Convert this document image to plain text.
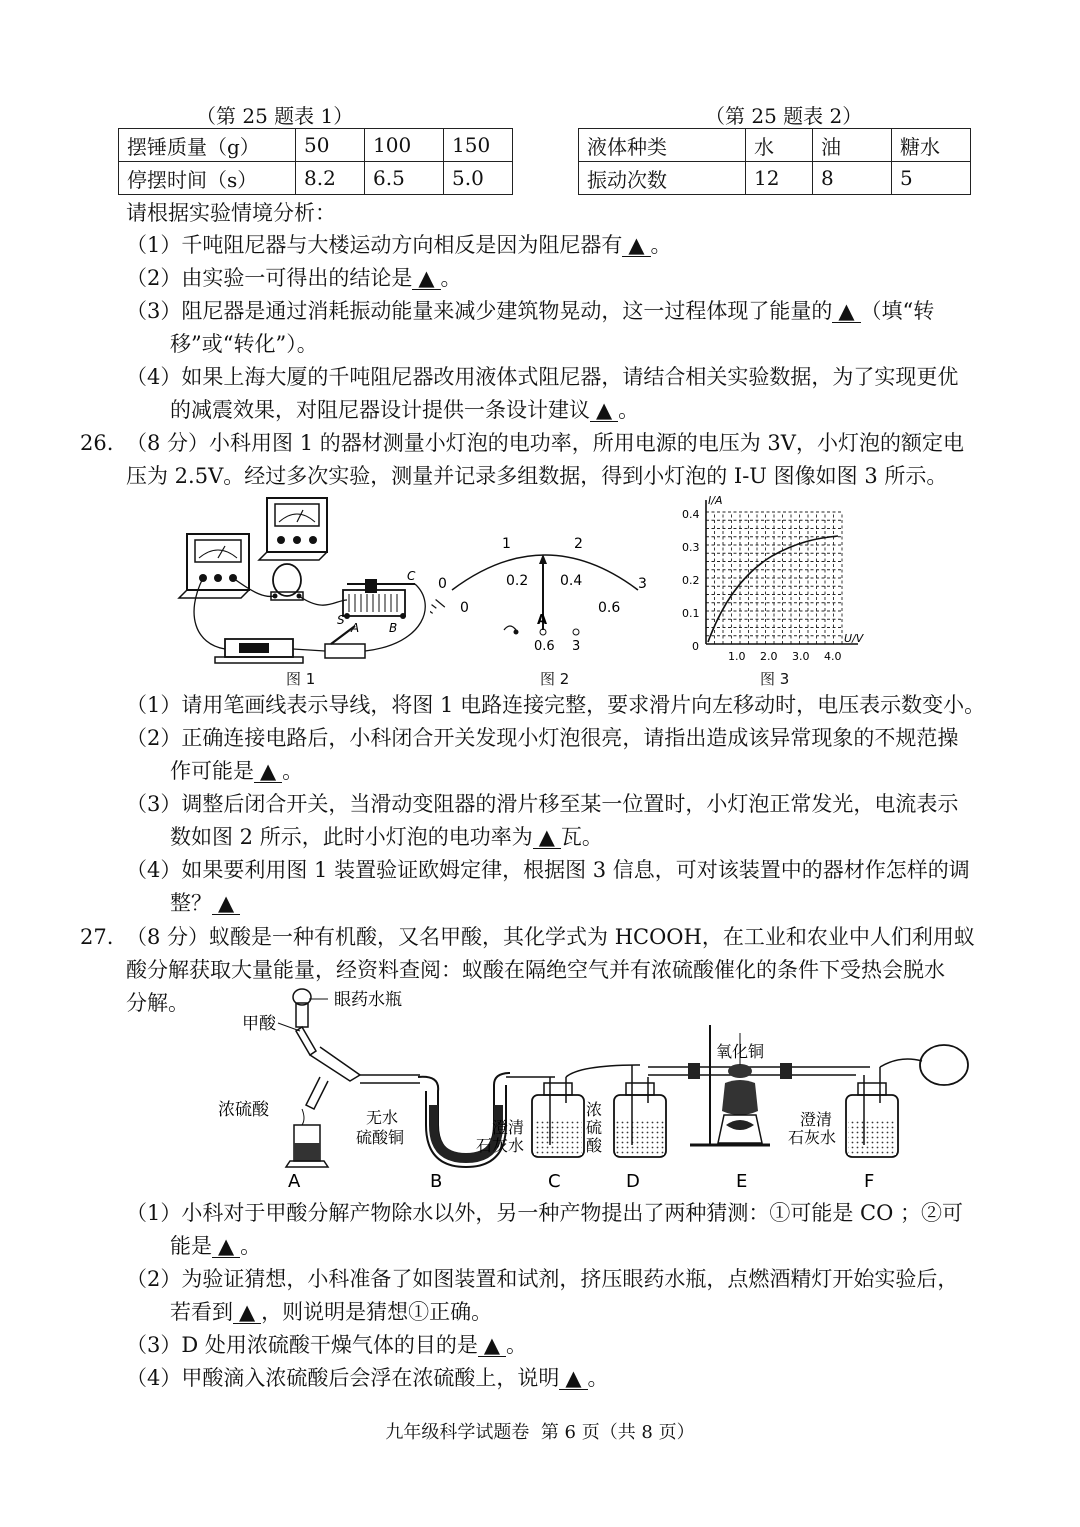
（第 25 题表 1）
摆锤质量（g）	50	100	150
停摆时间（s）	8.2	6.5	5.0
（第 25 题表 2）
液体种类	水	油	糖水
振动次数	12	8	5
请根据实验情境分析：
（1）千吨阻尼器与大楼运动方向相反是因为阻尼器有 ▲ 。
（2）由实验一可得出的结论是 ▲ 。
（3）阻尼器是通过消耗振动能量来减少建筑物晃动，这一过程体现了能量的 ▲ （填“转
移”或“转化”）。
（4）如果上海大厦的千吨阻尼器改用液体式阻尼器，请结合相关实验数据，为了实现更优
的减震效果，对阻尼器设计提供一条设计建议 ▲ 。
26. （8 分）小科用图 1 的器材测量小灯泡的电功率，所用电源的电压为 3V，小灯泡的额定电
压为 2.5V。经过多次实验，测量并记录多组数据，得到小灯泡的 I-U 图像如图 3 所示。
C
A B
S
图 1
0
1	2
3
0
0.2 0.4
0.6
A
0.6 3
图 2
I/A
U/V
0.4
0.3
0.2
0.1
0
1.0 2.0 3.0 4.0
图 3
（1）请用笔画线表示导线，将图 1 电路连接完整，要求滑片向左移动时，电压表示数变小。
（2）正确连接电路后，小科闭合开关发现小灯泡很亮，请指出造成该异常现象的不规范操
作可能是 ▲ 。
（3）调整后闭合开关，当滑动变阻器的滑片移至某一位置时，小灯泡正常发光，电流表示
数如图 2 所示，此时小灯泡的电功率为 ▲ 瓦。
（4）如果要利用图 1 装置验证欧姆定律，根据图 3 信息，可对该装置中的器材作怎样的调
整？ ▲
27. （8 分）蚁酸是一种有机酸，又名甲酸，其化学式为 HCOOH，在工业和农业中人们利用蚁
酸分解获取大量能量，经资料查阅：蚁酸在隔绝空气并有浓硫酸催化的条件下受热会脱水
分解。	眼药水瓶
甲酸
浓硫酸	无水
硫酸铜
澄清
石灰水
浓
硫
酸
氧化铜
澄清
石灰水
A	B	C	D	E	F
（1）小科对于甲酸分解产物除水以外，另一种产物提出了两种猜测：①可能是 CO ；②可
能是 ▲ 。
（2）为验证猜想，小科准备了如图装置和试剂，挤压眼药水瓶，点燃酒精灯开始实验后，
若看到 ▲ ，则说明是猜想①正确。
（3）D 处用浓硫酸干燥气体的目的是 ▲ 。
（4）甲酸滴入浓硫酸后会浮在浓硫酸上，说明 ▲ 。
九年级科学试题卷  第 6 页（共 8 页）
